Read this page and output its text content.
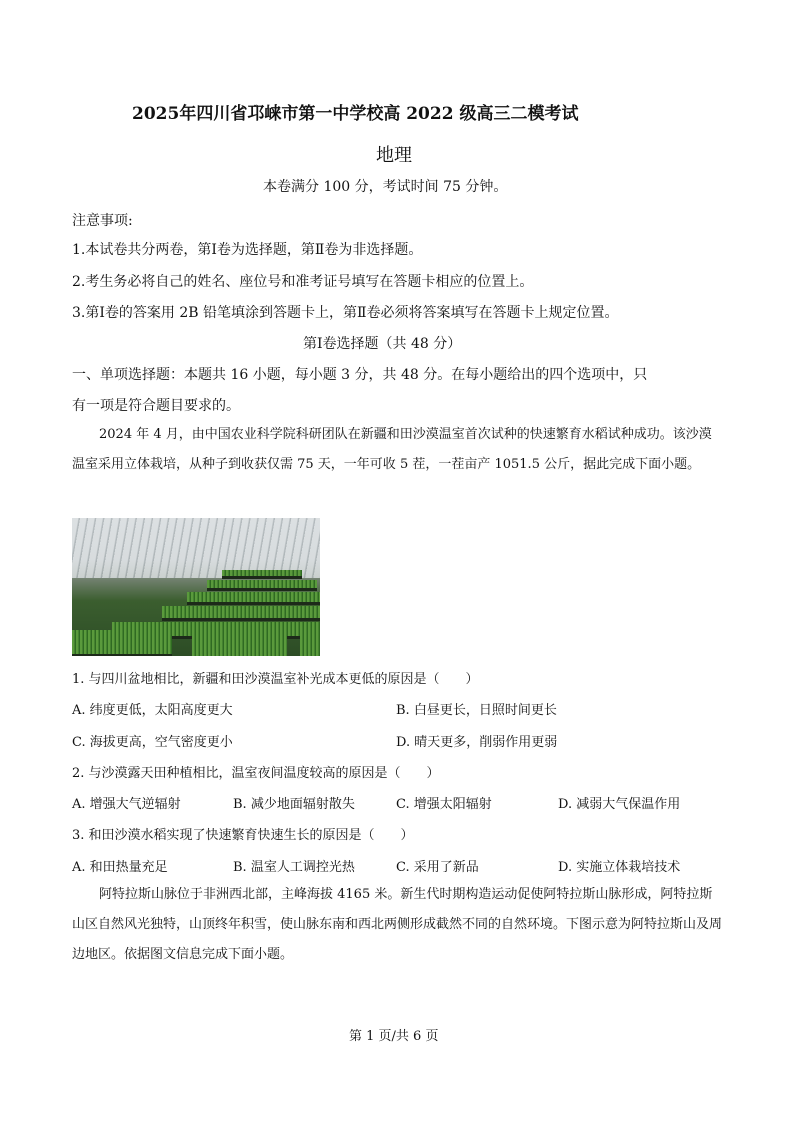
2025年四川省邛崃市第一中学校高 2022 级高三二模考试
地理
本卷满分 100 分，考试时间 75 分钟。
注意事项:
1.本试卷共分两卷，第Ⅰ卷为选择题，第Ⅱ卷为非选择题。
2.考生务必将自己的姓名、座位号和准考证号填写在答题卡相应的位置上。
3.第Ⅰ卷的答案用 2B 铅笔填涂到答题卡上，第Ⅱ卷必须将答案填写在答题卡上规定位置。
第Ⅰ卷选择题（共 48 分）
一、单项选择题：本题共 16 小题，每小题 3 分，共 48 分。在每小题给出的四个选项中，只
有一项是符合题目要求的。
2024 年 4 月，由中国农业科学院科研团队在新疆和田沙漠温室首次试种的快速繁育水稻试种成功。该沙漠温室采用立体栽培，从种子到收获仅需 75 天，一年可收 5 茬，一茬亩产 1051.5 公斤，据此完成下面小题。
1. 与四川盆地相比，新疆和田沙漠温室补光成本更低的原因是（　　）
A. 纬度更低，太阳高度更大	B. 白昼更长，日照时间更长
C. 海拔更高，空气密度更小	D. 晴天更多，削弱作用更弱
2. 与沙漠露天田种植相比，温室夜间温度较高的原因是（　　）
A. 增强大气逆辐射	B. 减少地面辐射散失	C. 增强太阳辐射	D. 减弱大气保温作用
3. 和田沙漠水稻实现了快速繁育快速生长的原因是（　　）
A. 和田热量充足	B. 温室人工调控光热	C. 采用了新品	D. 实施立体栽培技术
阿特拉斯山脉位于非洲西北部，主峰海拔 4165 米。新生代时期构造运动促使阿特拉斯山脉形成，阿特拉斯山区自然风光独特，山顶终年积雪，使山脉东南和西北两侧形成截然不同的自然环境。下图示意为阿特拉斯山及周边地区。依据图文信息完成下面小题。
第 1 页/共 6 页
